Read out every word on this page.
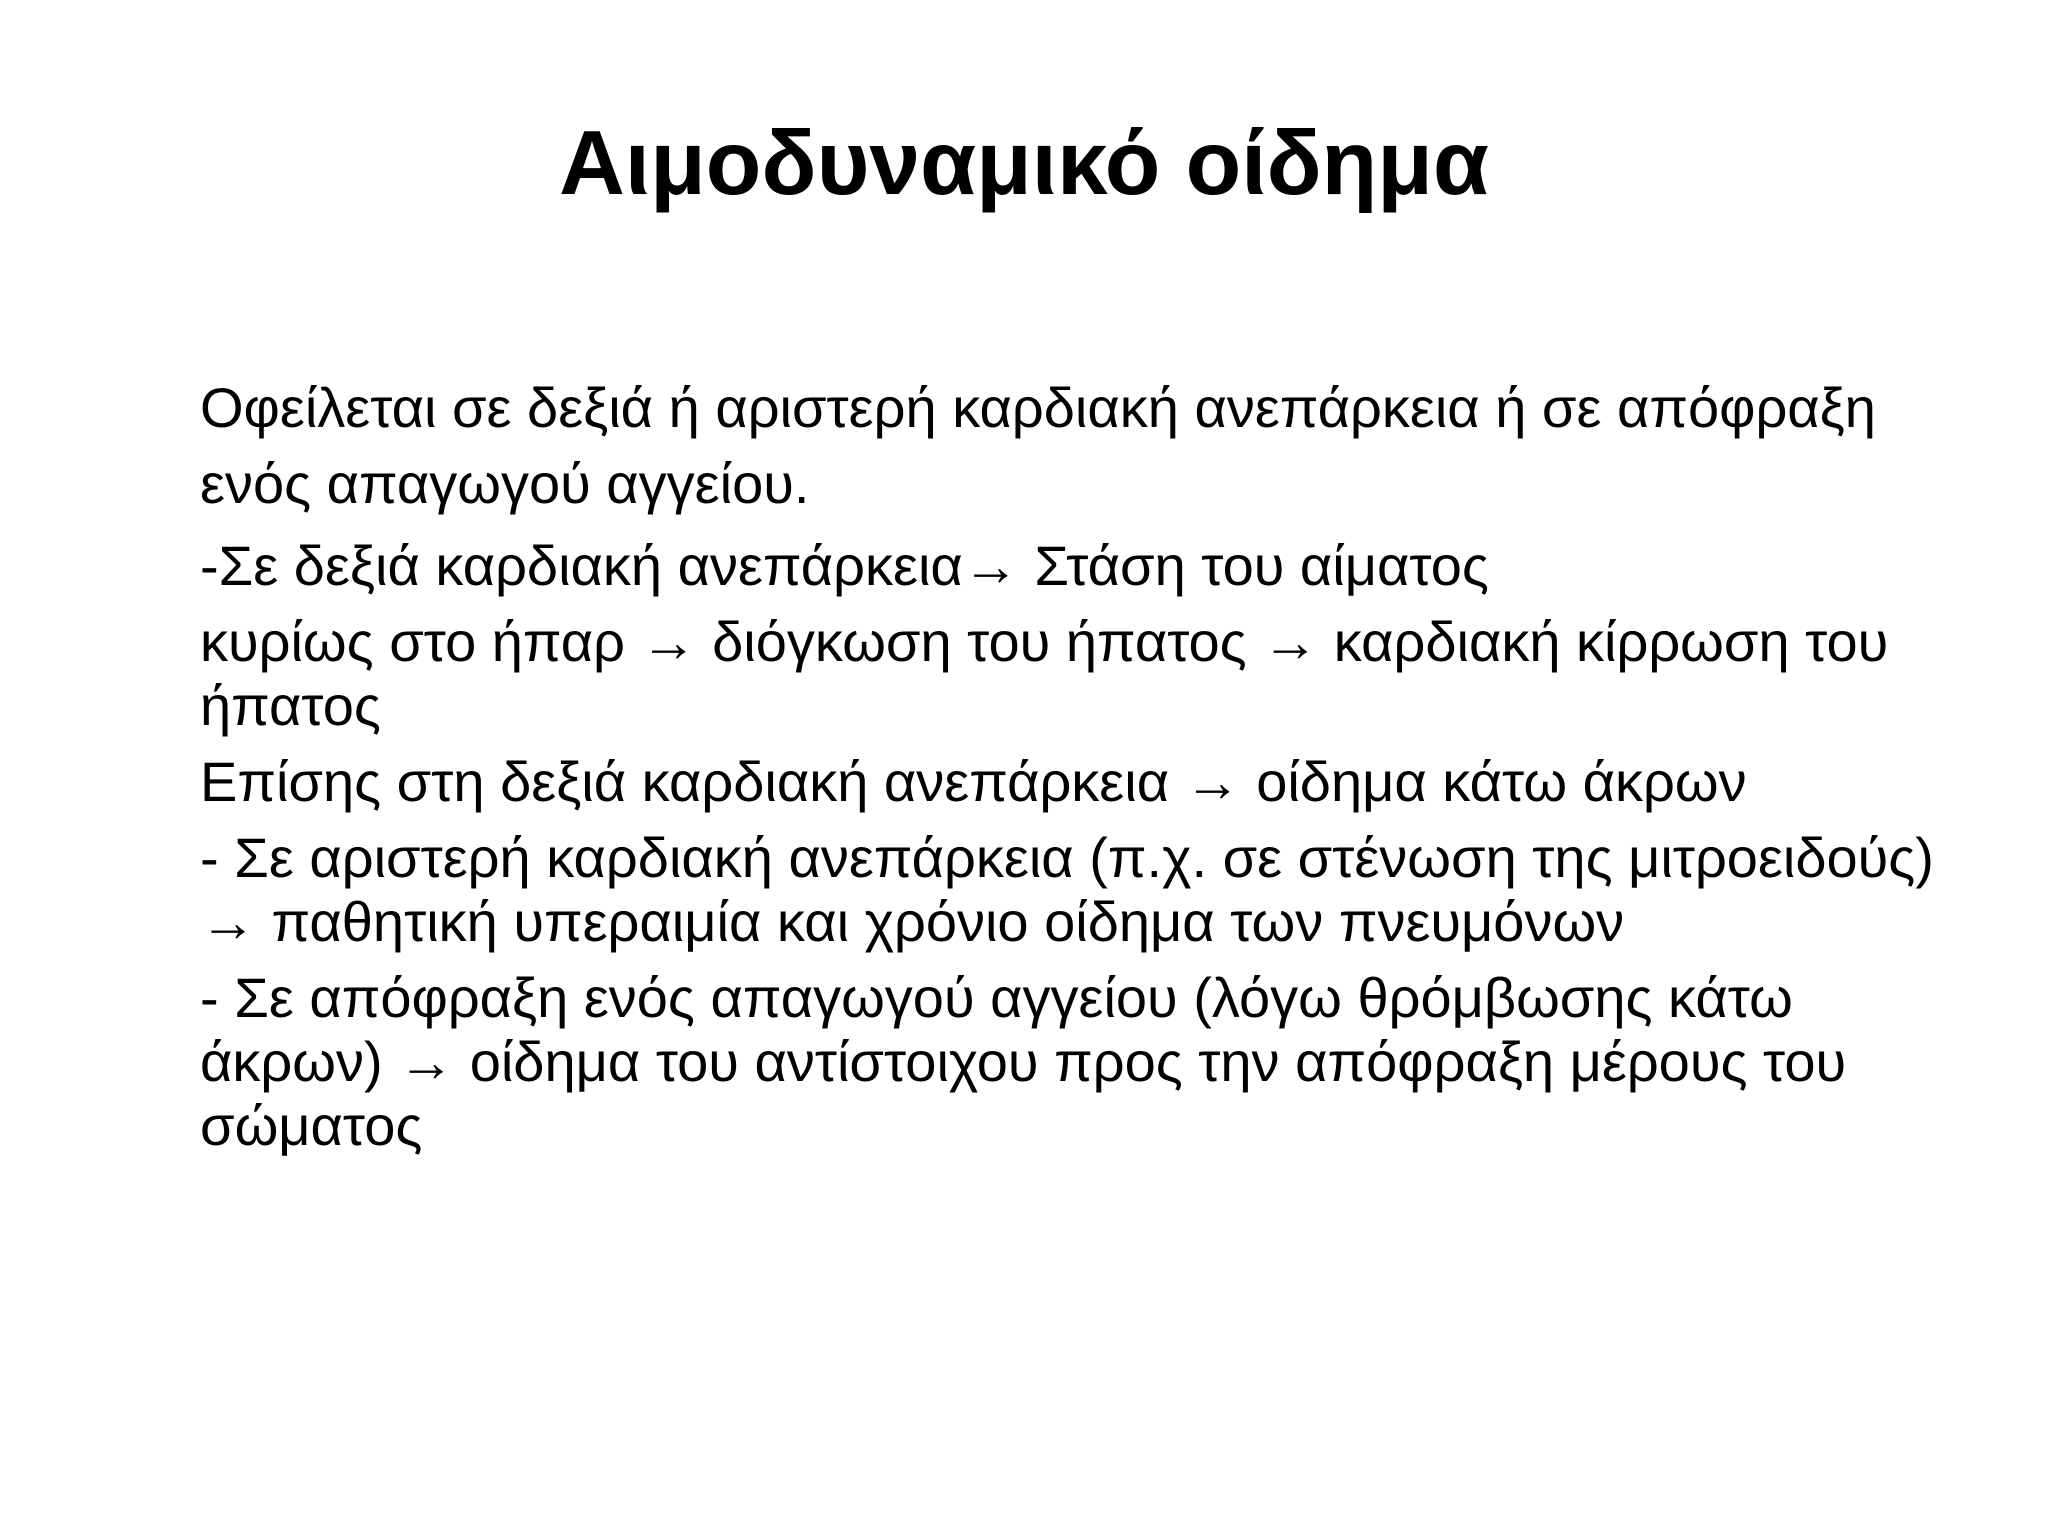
Αιμοδυναμικό οίδημα

Οφείλεται σε δεξιά ή αριστερή καρδιακή ανεπάρκεια ή σε απόφραξη ενός απαγωγού αγγείου.

-Σε δεξιά καρδιακή ανεπάρκεια→ Στάση του αίματος

κυρίως στο ήπαρ → διόγκωση του ήπατος → καρδιακή κίρρωση του ήπατος

Επίσης στη δεξιά καρδιακή ανεπάρκεια → οίδημα κάτω άκρων

- Σε αριστερή καρδιακή ανεπάρκεια (π.χ. σε στένωση της μιτροειδούς) → παθητική υπεραιμία και χρόνιο οίδημα των πνευμόνων

- Σε απόφραξη ενός απαγωγού αγγείου (λόγω θρόμβωσης κάτω άκρων) → οίδημα του αντίστοιχου προς την απόφραξη μέρους του σώματος
